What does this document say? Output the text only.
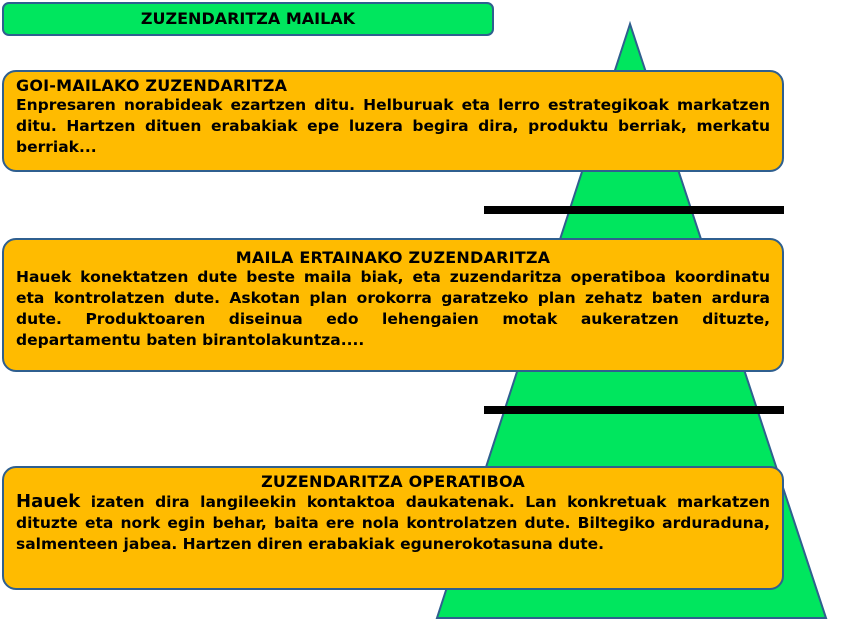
ZUZENDARITZA MAILAK
GOI-MAILAKO ZUZENDARITZA
Enpresaren norabideak ezartzen ditu. Helburuak eta lerro estrategikoak markatzen ditu. Hartzen dituen erabakiak epe luzera begira dira, produktu berriak, merkatu berriak...
MAILA ERTAINAKO ZUZENDARITZA
Hauek konektatzen dute beste maila biak, eta zuzendaritza operatiboa koordinatu eta kontrolatzen dute. Askotan plan orokorra garatzeko plan zehatz baten ardura dute. Produktoaren diseinua edo lehengaien motak aukeratzen dituzte, departamentu baten birantolakuntza....
ZUZENDARITZA OPERATIBOA
Hauek izaten dira langileekin kontaktoa daukatenak. Lan konkretuak markatzen dituzte eta nork egin behar, baita ere nola kontrolatzen dute. Biltegiko arduraduna, salmenteen jabea. Hartzen diren erabakiak egunerokotasuna dute.
